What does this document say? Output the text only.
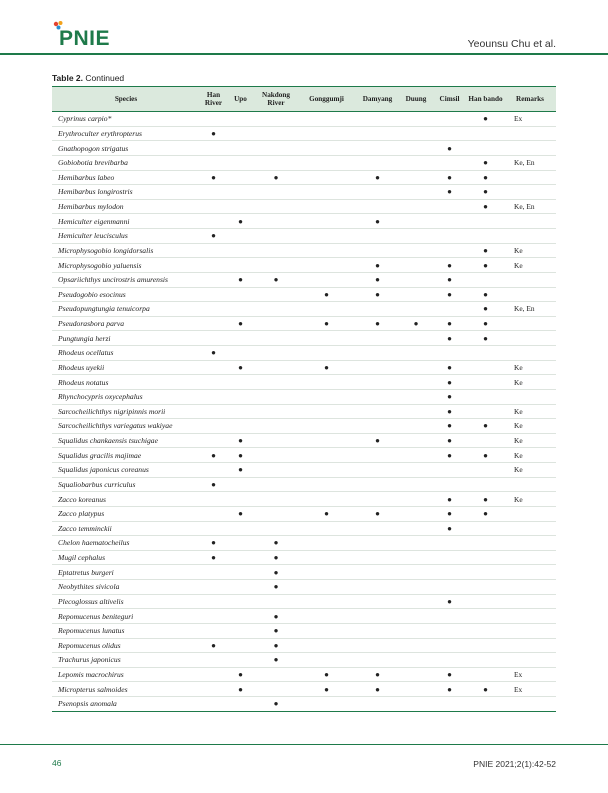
PNIE	Yeounsu Chu et al.
Table 2. Continued
Species	Han River	Upo	Nakdong River	Gonggumji	Damyang	Duung	Cimsil	Han bando	Remarks
Cyprinus carpio*								●	Ex
Erythroculter erythropterus	●								
Gnathopogon strigatus							●		
Gobiobotia brevibarba								●	Ke, En
Hemibarbus labeo	●		●		●		●	●	
Hemibarbus longirostris							●	●	
Hemibarbus mylodon								●	Ke, En
Hemiculter eigenmanni		●			●				
Hemiculter leucisculus	●								
Microphysogobio longidorsalis								●	Ke
Microphysogobio yaluensis					●		●	●	Ke
Opsariichthys uncirostris amurensis		●	●		●		●		
Pseudogobio esocinus				●	●		●	●	
Pseudopungtungia tenuicorpa								●	Ke, En
Pseudorasbora parva		●		●	●	●	●	●	
Pungtungia herzi							●	●	
Rhodeus ocellatus	●								
Rhodeus uyekii		●		●			●		Ke
Rhodeus notatus							●		Ke
Rhynchocypris oxycephalus							●		
Sarcocheilichthys nigripinnis morii							●		Ke
Sarcocheilichthys variegatus wakiyae							●	●	Ke
Squalidus chankaensis tsuchigae		●			●		●		Ke
Squalidus gracilis majimae	●	●					●	●	Ke
Squalidus japonicus coreanus		●							Ke
Squaliobarbus curriculus	●								
Zacco koreanus							●	●	Ke
Zacco platypus		●		●	●		●	●	
Zacco temminckii							●		
Chelon haematocheilus	●		●						
Mugil cephalus	●		●						
Eptatretus burgeri			●						
Neobythites sivicola			●						
Plecoglossus altivelis							●		
Repomucenus beniteguri			●						
Repomucenus lunatus			●						
Repomucenus olidus	●		●						
Trachurus japonicus			●						
Lepomis macrochirus		●		●	●		●		Ex
Micropterus salmoides		●		●	●		●	●	Ex
Psenopsis anomala			●						
46	PNIE 2021;2(1):42-52
